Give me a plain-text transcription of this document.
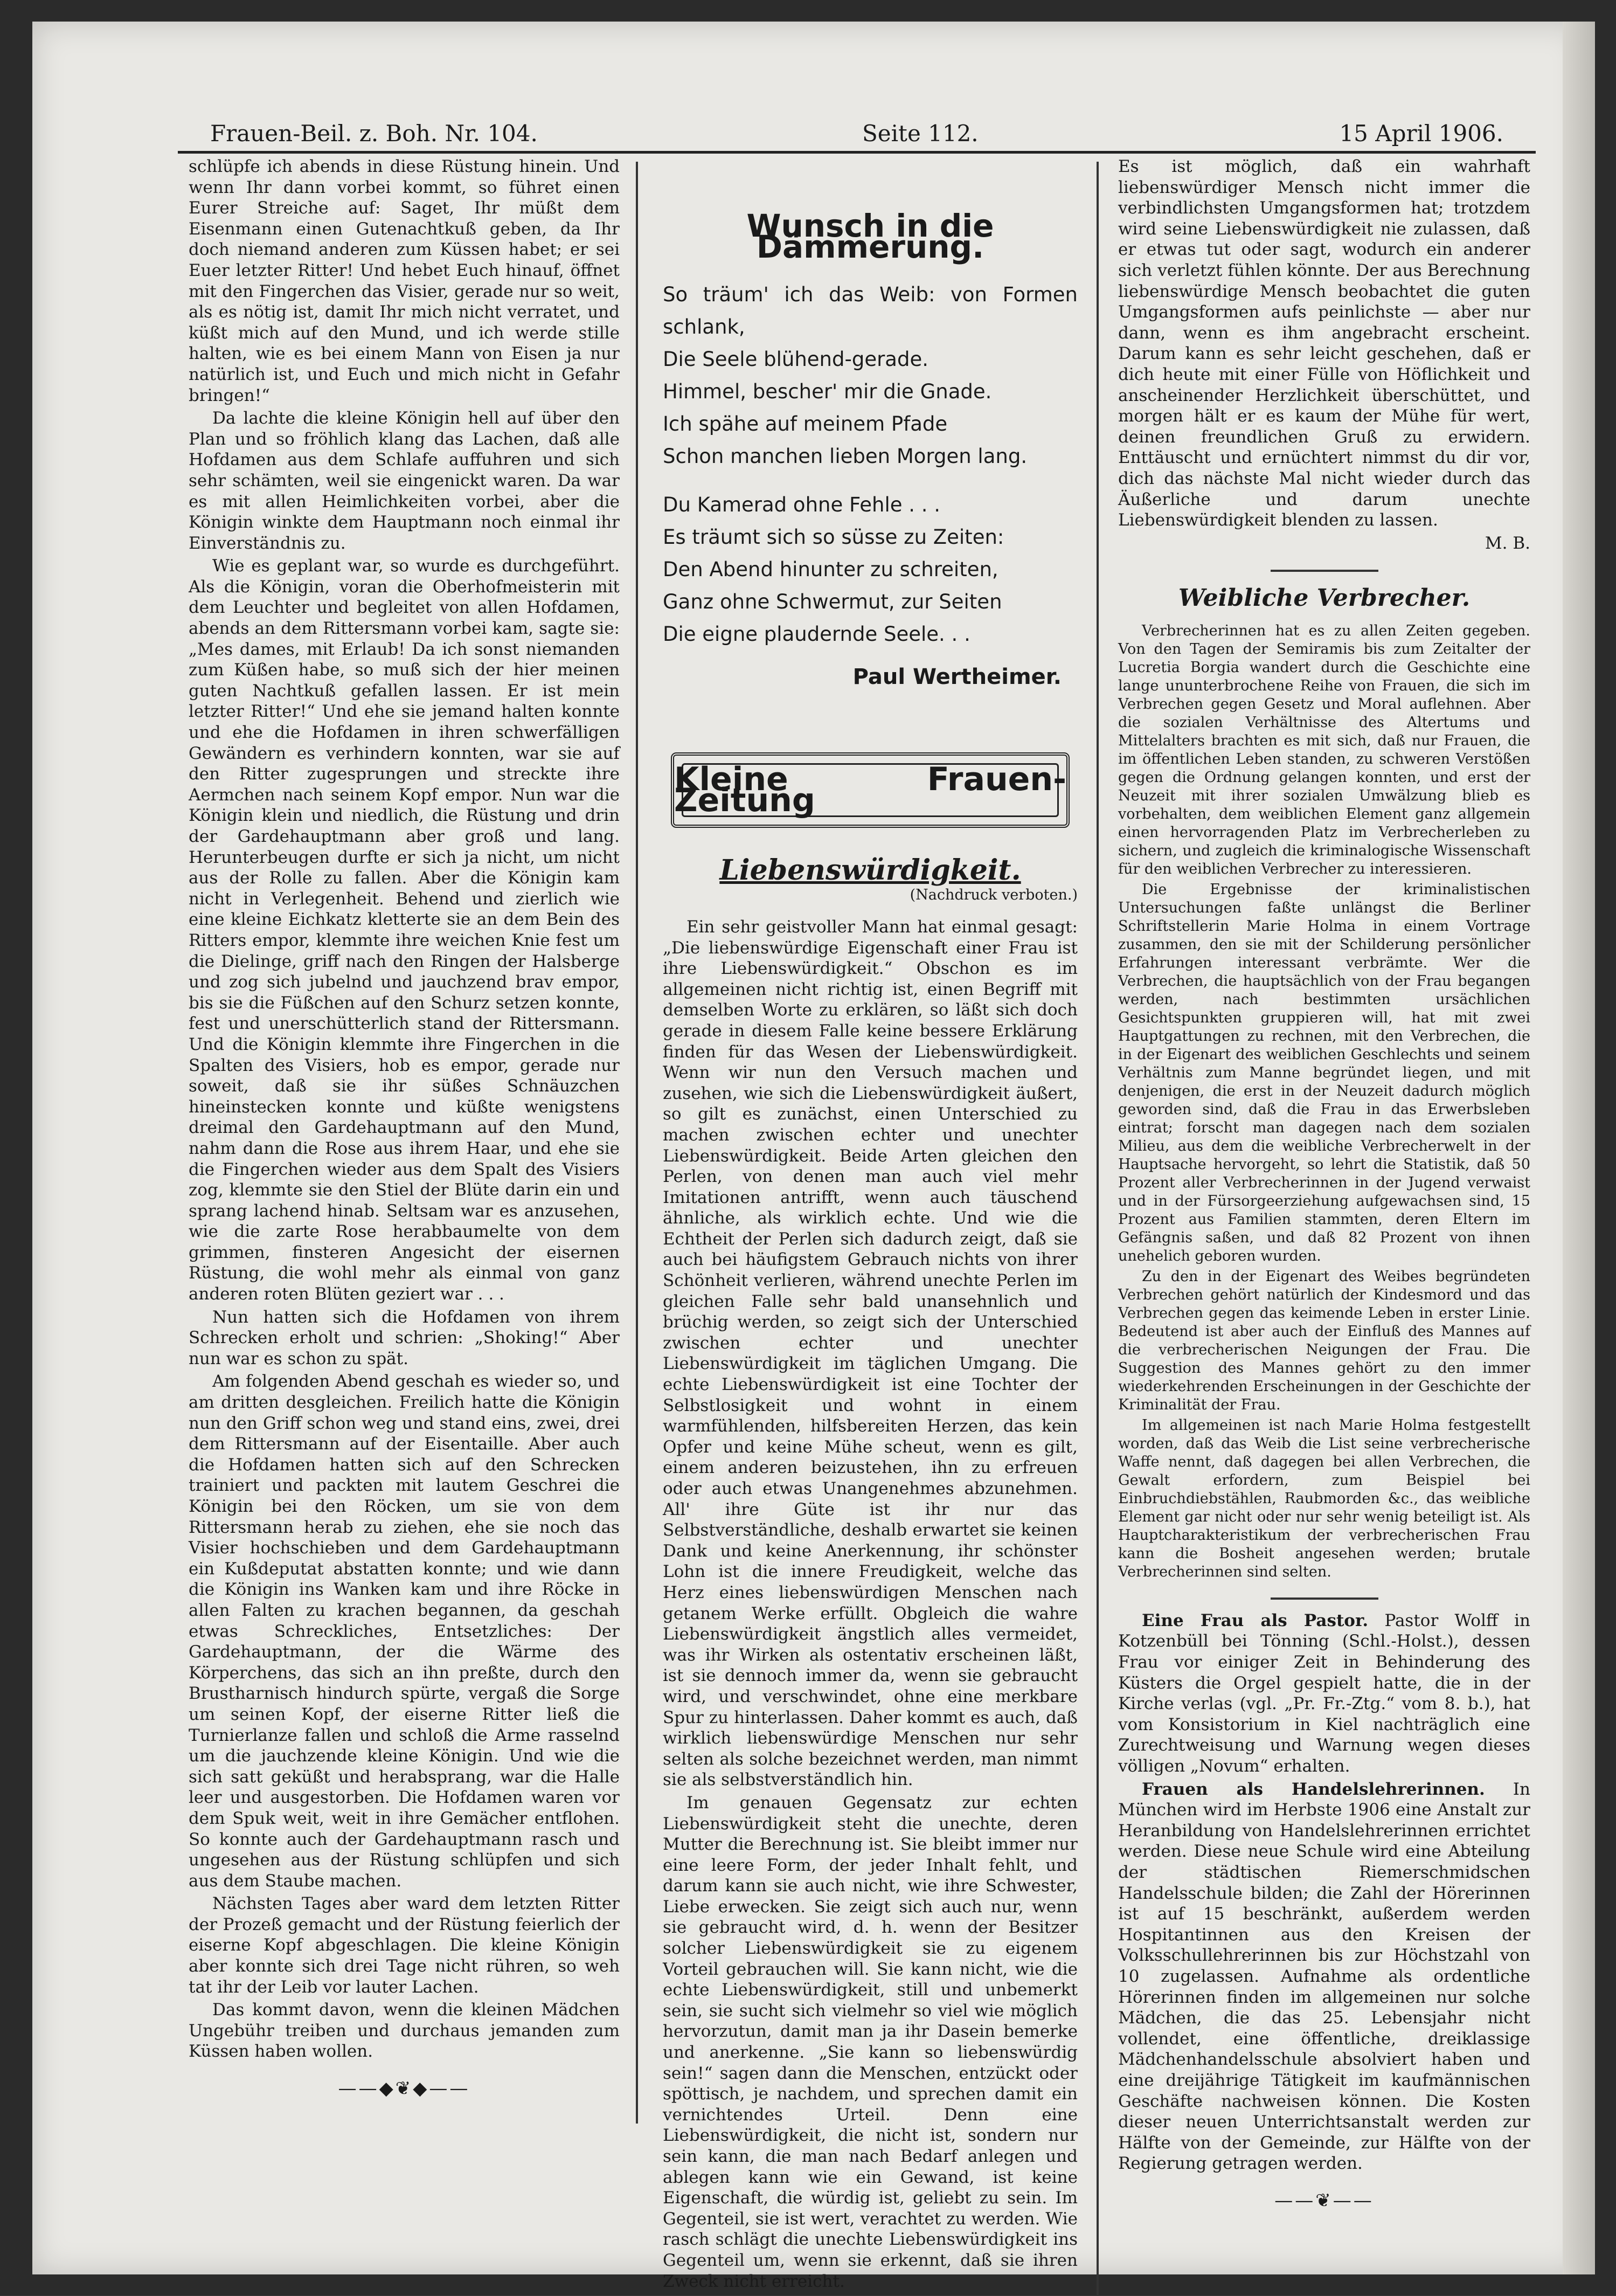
Frauen-Beil. z. Boh. Nr. 104.	Seite 112.	15 April 1906.

schlüpfe ich abends in diese Rüstung hinein. Und wenn Ihr dann vorbei kommt, so führet einen Eurer Streiche auf: Saget, Ihr müßt dem Eisenmann einen Gutenachtkuß geben, da Ihr doch niemand anderen zum Küssen habet; er sei Euer letzter Ritter! Und hebet Euch hinauf, öffnet mit den Fingerchen das Visier, gerade nur so weit, als es nötig ist, damit Ihr mich nicht verratet, und küßt mich auf den Mund, und ich werde stille halten, wie es bei einem Mann von Eisen ja nur natürlich ist, und Euch und mich nicht in Gefahr bringen!“

Da lachte die kleine Königin hell auf über den Plan und so fröhlich klang das Lachen, daß alle Hofdamen aus dem Schlafe auffuhren und sich sehr schämten, weil sie eingenickt waren. Da war es mit allen Heimlichkeiten vorbei, aber die Königin winkte dem Hauptmann noch einmal ihr Einverständnis zu.

Wie es geplant war, so wurde es durchgeführt. Als die Königin, voran die Oberhofmeisterin mit dem Leuchter und begleitet von allen Hofdamen, abends an dem Rittersmann vorbei kam, sagte sie: „Mes dames, mit Erlaub! Da ich sonst niemanden zum Küßen habe, so muß sich der hier meinen guten Nachtkuß gefallen lassen. Er ist mein letzter Ritter!“ Und ehe sie jemand halten konnte und ehe die Hofdamen in ihren schwerfälligen Gewändern es verhindern konnten, war sie auf den Ritter zugesprungen und streckte ihre Aermchen nach seinem Kopf empor. Nun war die Königin klein und niedlich, die Rüstung und drin der Gardehauptmann aber groß und lang. Herunterbeugen durfte er sich ja nicht, um nicht aus der Rolle zu fallen. Aber die Königin kam nicht in Verlegenheit. Behend und zierlich wie eine kleine Eichkatz kletterte sie an dem Bein des Ritters empor, klemmte ihre weichen Knie fest um die Dielinge, griff nach den Ringen der Halsberge und zog sich jubelnd und jauchzend brav empor, bis sie die Füßchen auf den Schurz setzen konnte, fest und unerschütterlich stand der Rittersmann. Und die Königin klemmte ihre Fingerchen in die Spalten des Visiers, hob es empor, gerade nur soweit, daß sie ihr süßes Schnäuzchen hineinstecken konnte und küßte wenigstens dreimal den Gardehauptmann auf den Mund, nahm dann die Rose aus ihrem Haar, und ehe sie die Fingerchen wieder aus dem Spalt des Visiers zog, klemmte sie den Stiel der Blüte darin ein und sprang lachend hinab. Seltsam war es anzusehen, wie die zarte Rose herabbaumelte von dem grimmen, finsteren Angesicht der eisernen Rüstung, die wohl mehr als einmal von ganz anderen roten Blüten geziert war . . .

Nun hatten sich die Hofdamen von ihrem Schrecken erholt und schrien: „Shoking!“ Aber nun war es schon zu spät.

Am folgenden Abend geschah es wieder so, und am dritten desgleichen. Freilich hatte die Königin nun den Griff schon weg und stand eins, zwei, drei dem Rittersmann auf der Eisentaille. Aber auch die Hofdamen hatten sich auf den Schrecken trainiert und packten mit lautem Geschrei die Königin bei den Röcken, um sie von dem Rittersmann herab zu ziehen, ehe sie noch das Visier hochschieben und dem Gardehauptmann ein Kußdeputat abstatten konnte; und wie dann die Königin ins Wanken kam und ihre Röcke in allen Falten zu krachen begannen, da geschah etwas Schreckliches, Entsetzliches: Der Gardehauptmann, der die Wärme des Körperchens, das sich an ihn preßte, durch den Brustharnisch hindurch spürte, vergaß die Sorge um seinen Kopf, der eiserne Ritter ließ die Turnierlanze fallen und schloß die Arme rasselnd um die jauchzende kleine Königin. Und wie die sich satt geküßt und herabsprang, war die Halle leer und ausgestorben. Die Hofdamen waren vor dem Spuk weit, weit in ihre Gemächer entflohen. So konnte auch der Gardehauptmann rasch und ungesehen aus der Rüstung schlüpfen und sich aus dem Staube machen.

Nächsten Tages aber ward dem letzten Ritter der Prozeß gemacht und der Rüstung feierlich der eiserne Kopf abgeschlagen. Die kleine Königin aber konnte sich drei Tage nicht rühren, so weh tat ihr der Leib vor lauter Lachen.

Das kommt davon, wenn die kleinen Mädchen Ungebühr treiben und durchaus jemanden zum Küssen haben wollen.

——◆❦◆——
Wunsch in die Dämmerung.
So träum' ich das Weib: von Formen schlank,
Die Seele blühend-gerade.
Himmel, bescher' mir die Gnade.
Ich spähe auf meinem Pfade
Schon manchen lieben Morgen lang.
Du Kamerad ohne Fehle . . .
Es träumt sich so süsse zu Zeiten:
Den Abend hinunter zu schreiten,
Ganz ohne Schwermut, zur Seiten
Die eigne plaudernde Seele. . .
Paul Wertheimer.
Kleine Frauen-Zeitung
Liebenswürdigkeit.
(Nachdruck verboten.)

Ein sehr geistvoller Mann hat einmal gesagt: „Die liebenswürdige Eigenschaft einer Frau ist ihre Liebenswürdigkeit.“ Obschon es im allgemeinen nicht richtig ist, einen Begriff mit demselben Worte zu erklären, so läßt sich doch gerade in diesem Falle keine bessere Erklärung finden für das Wesen der Liebenswürdigkeit. Wenn wir nun den Versuch machen und zusehen, wie sich die Liebenswürdigkeit äußert, so gilt es zunächst, einen Unterschied zu machen zwischen echter und unechter Liebenswürdigkeit. Beide Arten gleichen den Perlen, von denen man auch viel mehr Imitationen antrifft, wenn auch täuschend ähnliche, als wirklich echte. Und wie die Echtheit der Perlen sich dadurch zeigt, daß sie auch bei häufigstem Gebrauch nichts von ihrer Schönheit verlieren, während unechte Perlen im gleichen Falle sehr bald unansehnlich und brüchig werden, so zeigt sich der Unterschied zwischen echter und unechter Liebenswürdigkeit im täglichen Umgang. Die echte Liebenswürdigkeit ist eine Tochter der Selbstlosigkeit und wohnt in einem warmfühlenden, hilfsbereiten Herzen, das kein Opfer und keine Mühe scheut, wenn es gilt, einem anderen beizustehen, ihn zu erfreuen oder auch etwas Unangenehmes abzunehmen. All' ihre Güte ist ihr nur das Selbstverständliche, deshalb erwartet sie keinen Dank und keine Anerkennung, ihr schönster Lohn ist die innere Freudigkeit, welche das Herz eines liebenswürdigen Menschen nach getanem Werke erfüllt. Obgleich die wahre Liebenswürdigkeit ängstlich alles vermeidet, was ihr Wirken als ostentativ erscheinen läßt, ist sie dennoch immer da, wenn sie gebraucht wird, und verschwindet, ohne eine merkbare Spur zu hinterlassen. Daher kommt es auch, daß wirklich liebenswürdige Menschen nur sehr selten als solche bezeichnet werden, man nimmt sie als selbstverständlich hin.

Im genauen Gegensatz zur echten Liebenswürdigkeit steht die unechte, deren Mutter die Berechnung ist. Sie bleibt immer nur eine leere Form, der jeder Inhalt fehlt, und darum kann sie auch nicht, wie ihre Schwester, Liebe erwecken. Sie zeigt sich auch nur, wenn sie gebraucht wird, d. h. wenn der Besitzer solcher Liebenswürdigkeit sie zu eigenem Vorteil gebrauchen will. Sie kann nicht, wie die echte Liebenswürdigkeit, still und unbemerkt sein, sie sucht sich vielmehr so viel wie möglich hervorzutun, damit man ja ihr Dasein bemerke und anerkenne. „Sie kann so liebenswürdig sein!“ sagen dann die Menschen, entzückt oder spöttisch, je nachdem, und sprechen damit ein vernichtendes Urteil. Denn eine Liebenswürdigkeit, die nicht ist, sondern nur sein kann, die man nach Bedarf anlegen und ablegen kann wie ein Gewand, ist keine Eigenschaft, die würdig ist, geliebt zu sein. Im Gegenteil, sie ist wert, verachtet zu werden. Wie rasch schlägt die unechte Liebenswürdigkeit ins Gegenteil um, wenn sie erkennt, daß sie ihren Zweck nicht erreicht.

Es ist möglich, daß ein wahrhaft liebenswürdiger Mensch nicht immer die verbindlichsten Umgangsformen hat; trotzdem wird seine Liebenswürdigkeit nie zulassen, daß er etwas tut oder sagt, wodurch ein anderer sich verletzt fühlen könnte. Der aus Berechnung liebenswürdige Mensch beobachtet die guten Umgangsformen aufs peinlichste — aber nur dann, wenn es ihm angebracht erscheint. Darum kann es sehr leicht geschehen, daß er dich heute mit einer Fülle von Höflichkeit und anscheinender Herzlichkeit überschüttet, und morgen hält er es kaum der Mühe für wert, deinen freundlichen Gruß zu erwidern. Enttäuscht und ernüchtert nimmst du dir vor, dich das nächste Mal nicht wieder durch das Äußerliche und darum unechte Liebenswürdigkeit blenden zu lassen.

M. B.
Weibliche Verbrecher.

Verbrecherinnen hat es zu allen Zeiten gegeben. Von den Tagen der Semiramis bis zum Zeitalter der Lucretia Borgia wandert durch die Geschichte eine lange ununterbrochene Reihe von Frauen, die sich im Verbrechen gegen Gesetz und Moral auflehnen. Aber die sozialen Verhältnisse des Altertums und Mittelalters brachten es mit sich, daß nur Frauen, die im öffentlichen Leben standen, zu schweren Verstößen gegen die Ordnung gelangen konnten, und erst der Neuzeit mit ihrer sozialen Umwälzung blieb es vorbehalten, dem weiblichen Element ganz allgemein einen hervorragenden Platz im Verbrecherleben zu sichern, und zugleich die kriminalogische Wissenschaft für den weiblichen Verbrecher zu interessieren.

Die Ergebnisse der kriminalistischen Untersuchungen faßte unlängst die Berliner Schriftstellerin Marie Holma in einem Vortrage zusammen, den sie mit der Schilderung persönlicher Erfahrungen interessant verbrämte. Wer die Verbrechen, die hauptsächlich von der Frau begangen werden, nach bestimmten ursächlichen Gesichtspunkten gruppieren will, hat mit zwei Hauptgattungen zu rechnen, mit den Verbrechen, die in der Eigenart des weiblichen Geschlechts und seinem Verhältnis zum Manne begründet liegen, und mit denjenigen, die erst in der Neuzeit dadurch möglich geworden sind, daß die Frau in das Erwerbsleben eintrat; forscht man dagegen nach dem sozialen Milieu, aus dem die weibliche Verbrecherwelt in der Hauptsache hervorgeht, so lehrt die Statistik, daß 50 Prozent aller Verbrecherinnen in der Jugend verwaist und in der Fürsorgeerziehung aufgewachsen sind, 15 Prozent aus Familien stammten, deren Eltern im Gefängnis saßen, und daß 82 Prozent von ihnen unehelich geboren wurden.

Zu den in der Eigenart des Weibes begründeten Verbrechen gehört natürlich der Kindesmord und das Verbrechen gegen das keimende Leben in erster Linie. Bedeutend ist aber auch der Einfluß des Mannes auf die verbrecherischen Neigungen der Frau. Die Suggestion des Mannes gehört zu den immer wiederkehrenden Erscheinungen in der Geschichte der Kriminalität der Frau.

Im allgemeinen ist nach Marie Holma festgestellt worden, daß das Weib die List seine verbrecherische Waffe nennt, daß dagegen bei allen Verbrechen, die Gewalt erfordern, zum Beispiel bei Einbruchdiebstählen, Raubmorden &c., das weibliche Element gar nicht oder nur sehr wenig beteiligt ist. Als Hauptcharakteristikum der verbrecherischen Frau kann die Bosheit angesehen werden; brutale Verbrecherinnen sind selten.

Eine Frau als Pastor. Pastor Wolff in Kotzenbüll bei Tönning (Schl.-Holst.), dessen Frau vor einiger Zeit in Behinderung des Küsters die Orgel gespielt hatte, die in der Kirche verlas (vgl. „Pr. Fr.-Ztg.“ vom 8. b.), hat vom Konsistorium in Kiel nachträglich eine Zurechtweisung und Warnung wegen dieses völligen „Novum“ erhalten.

Frauen als Handelslehrerinnen. In München wird im Herbste 1906 eine Anstalt zur Heranbildung von Handelslehrerinnen errichtet werden. Diese neue Schule wird eine Abteilung der städtischen Riemerschmidschen Handelsschule bilden; die Zahl der Hörerinnen ist auf 15 beschränkt, außerdem werden Hospitantinnen aus den Kreisen der Volksschullehrerinnen bis zur Höchstzahl von 10 zugelassen. Aufnahme als ordentliche Hörerinnen finden im allgemeinen nur solche Mädchen, die das 25. Lebensjahr nicht vollendet, eine öffentliche, dreiklassige Mädchenhandelsschule absolviert haben und eine dreijährige Tätigkeit im kaufmännischen Geschäfte nachweisen können. Die Kosten dieser neuen Unterrichtsanstalt werden zur Hälfte von der Gemeinde, zur Hälfte von der Regierung getragen werden.

——❦——
